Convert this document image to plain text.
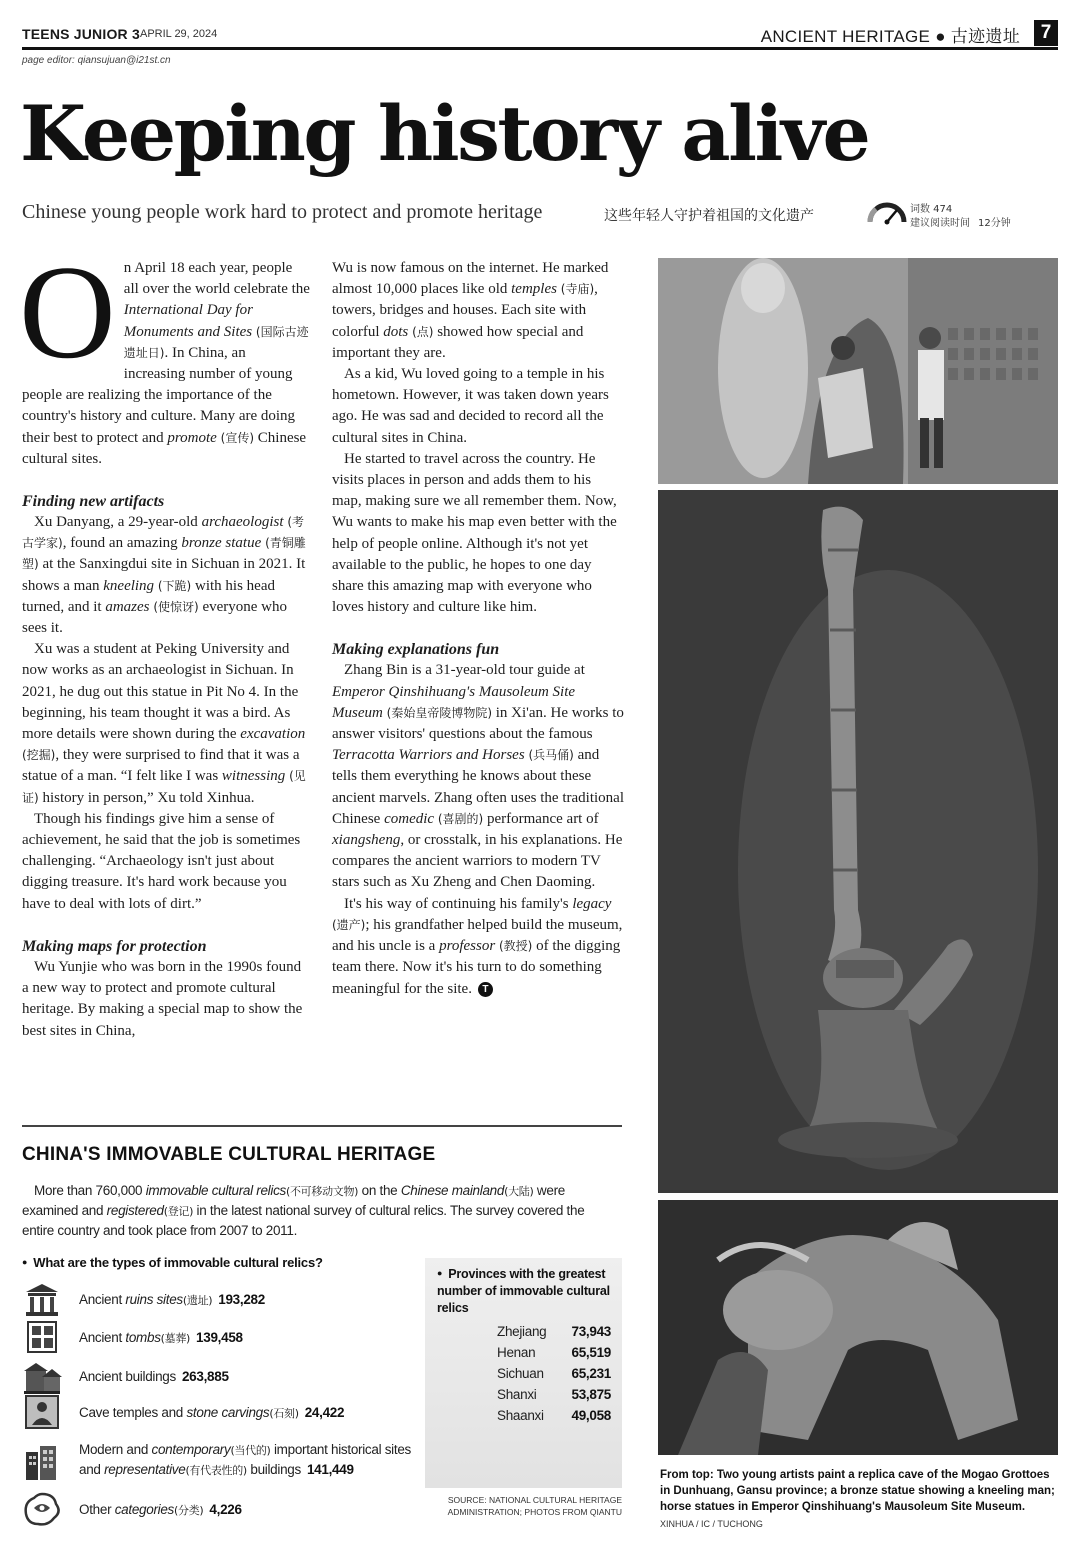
TEENS JUNIOR 3 APRIL 29, 2024	ANCIENT HERITAGE ● 古迹遗址	7
page editor: qiansujuan@i21st.cn
Keeping history alive
Chinese young people work hard to protect and promote heritage	这些年轻人守护着祖国的文化遗产	词数 474
建议阅读时间 12分钟

On April 18 each year, people all over the world celebrate the International Day for Monuments and Sites (国际古迹遗址日). In China, an increasing number of young people are realizing the importance of the country's history and culture. Many are doing their best to protect and promote (宣传) Chinese cultural sites.

Finding new artifacts

Xu Danyang, a 29-year-old archaeologist (考古学家), found an amazing bronze statue (青铜雕塑) at the Sanxingdui site in Sichuan in 2021. It shows a man kneeling (下跪) with his head turned, and it amazes (使惊讶) everyone who sees it.

Xu was a student at Peking University and now works as an archaeologist in Sichuan. In 2021, he dug out this statue in Pit No 4. In the beginning, his team thought it was a bird. As more details were shown during the excavation (挖掘), they were surprised to find that it was a statue of a man. “I felt like I was witnessing (见证) history in person,” Xu told Xinhua.

Though his findings give him a sense of achievement, he said that the job is sometimes challenging. “Archaeology isn't just about digging treasure. It's hard work because you have to deal with lots of dirt.”

Making maps for protection

Wu Yunjie who was born in the 1990s found a new way to protect and promote cultural heritage. By making a special map to show the best sites in China,

Wu is now famous on the internet. He marked almost 10,000 places like old temples (寺庙), towers, bridges and houses. Each site with colorful dots (点) showed how special and important they are.

As a kid, Wu loved going to a temple in his hometown. However, it was taken down years ago. He was sad and decided to record all the cultural sites in China.

He started to travel across the country. He visits places in person and adds them to his map, making sure we all remember them. Now, Wu wants to make his map even better with the help of people online. Although it's not yet available to the public, he hopes to one day share this amazing map with everyone who loves history and culture like him.

Making explanations fun

Zhang Bin is a 31-year-old tour guide at Emperor Qinshihuang's Mausoleum Site Museum (秦始皇帝陵博物院) in Xi'an. He works to answer visitors' questions about the famous Terracotta Warriors and Horses (兵马俑) and tells them everything he knows about these ancient marvels. Zhang often uses the traditional Chinese comedic (喜剧的) performance art of xiangsheng, or crosstalk, in his explanations. He compares the ancient warriors to modern TV stars such as Xu Zheng and Chen Daoming.

It's his way of continuing his family's legacy (遗产); his grandfather helped build the museum, and his uncle is a professor (教授) of the digging team there. Now it's his turn to do something meaningful for the site. T

From top: Two young artists paint a replica cave of the Mogao Grottoes in Dunhuang, Gansu province; a bronze statue showing a kneeling man; horse statues in Emperor Qinshihuang's Mausoleum Site Museum.
XINHUA / IC / TUCHONG
CHINA'S IMMOVABLE CULTURAL HERITAGE

More than 760,000 immovable cultural relics(不可移动文物) on the Chinese mainland(大陆) were examined and registered(登记) in the latest national survey of cultural relics. The survey covered the entire country and took place from 2007 to 2011.

● What are the types of immovable cultural relics?
Ancient ruins sites(遗址) 193,282
Ancient tombs(墓葬) 139,458
Ancient buildings 263,885
Cave temples and stone carvings(石刻) 24,422
Modern and contemporary(当代的) important historical sites and representative(有代表性的) buildings 141,449
Other categories(分类) 4,226
● Provinces with the greatest number of immovable cultural relics
Zhejiang 73,943
Henan	65,519
Sichuan 65,231
Shanxi	53,875
Shaanxi 49,058
SOURCE: NATIONAL CULTURAL HERITAGE ADMINISTRATION; PHOTOS FROM QIANTU
